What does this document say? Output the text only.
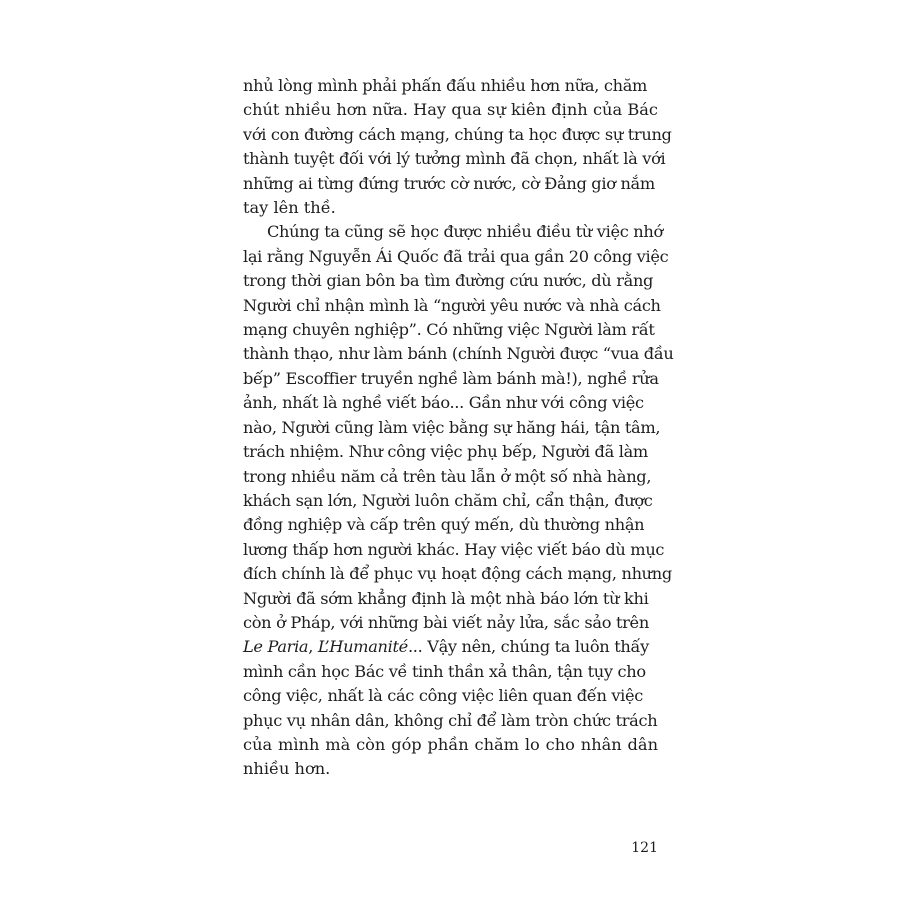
nhủ lòng mình phải phấn đấu nhiều hơn nữa, chăm
chút nhiều hơn nữa. Hay qua sự kiên định của Bác
với con đường cách mạng, chúng ta học được sự trung
thành tuyệt đối với lý tưởng mình đã chọn, nhất là với
những ai từng đứng trước cờ nước, cờ Đảng giơ nắm
tay lên thề.
Chúng ta cũng sẽ học được nhiều điều từ việc nhớ
lại rằng Nguyễn Ái Quốc đã trải qua gần 20 công việc
trong thời gian bôn ba tìm đường cứu nước, dù rằng
Người chỉ nhận mình là “người yêu nước và nhà cách
mạng chuyên nghiệp”. Có những việc Người làm rất
thành thạo, như làm bánh (chính Người được “vua đầu
bếp” Escoffier truyền nghề làm bánh mà!), nghề rửa
ảnh, nhất là nghề viết báo... Gần như với công việc
nào, Người cũng làm việc bằng sự hăng hái, tận tâm,
trách nhiệm. Như công việc phụ bếp, Người đã làm
trong nhiều năm cả trên tàu lẫn ở một số nhà hàng,
khách sạn lớn, Người luôn chăm chỉ, cẩn thận, được
đồng nghiệp và cấp trên quý mến, dù thường nhận
lương thấp hơn người khác. Hay việc viết báo dù mục
đích chính là để phục vụ hoạt động cách mạng, nhưng
Người đã sớm khẳng định là một nhà báo lớn từ khi
còn ở Pháp, với những bài viết nảy lửa, sắc sảo trên
Le Paria, L’Humanité... Vậy nên, chúng ta luôn thấy
mình cần học Bác về tinh thần xả thân, tận tụy cho
công việc, nhất là các công việc liên quan đến việc
phục vụ nhân dân, không chỉ để làm tròn chức trách
của mình mà còn góp phần chăm lo cho nhân dân
nhiều hơn.
121
